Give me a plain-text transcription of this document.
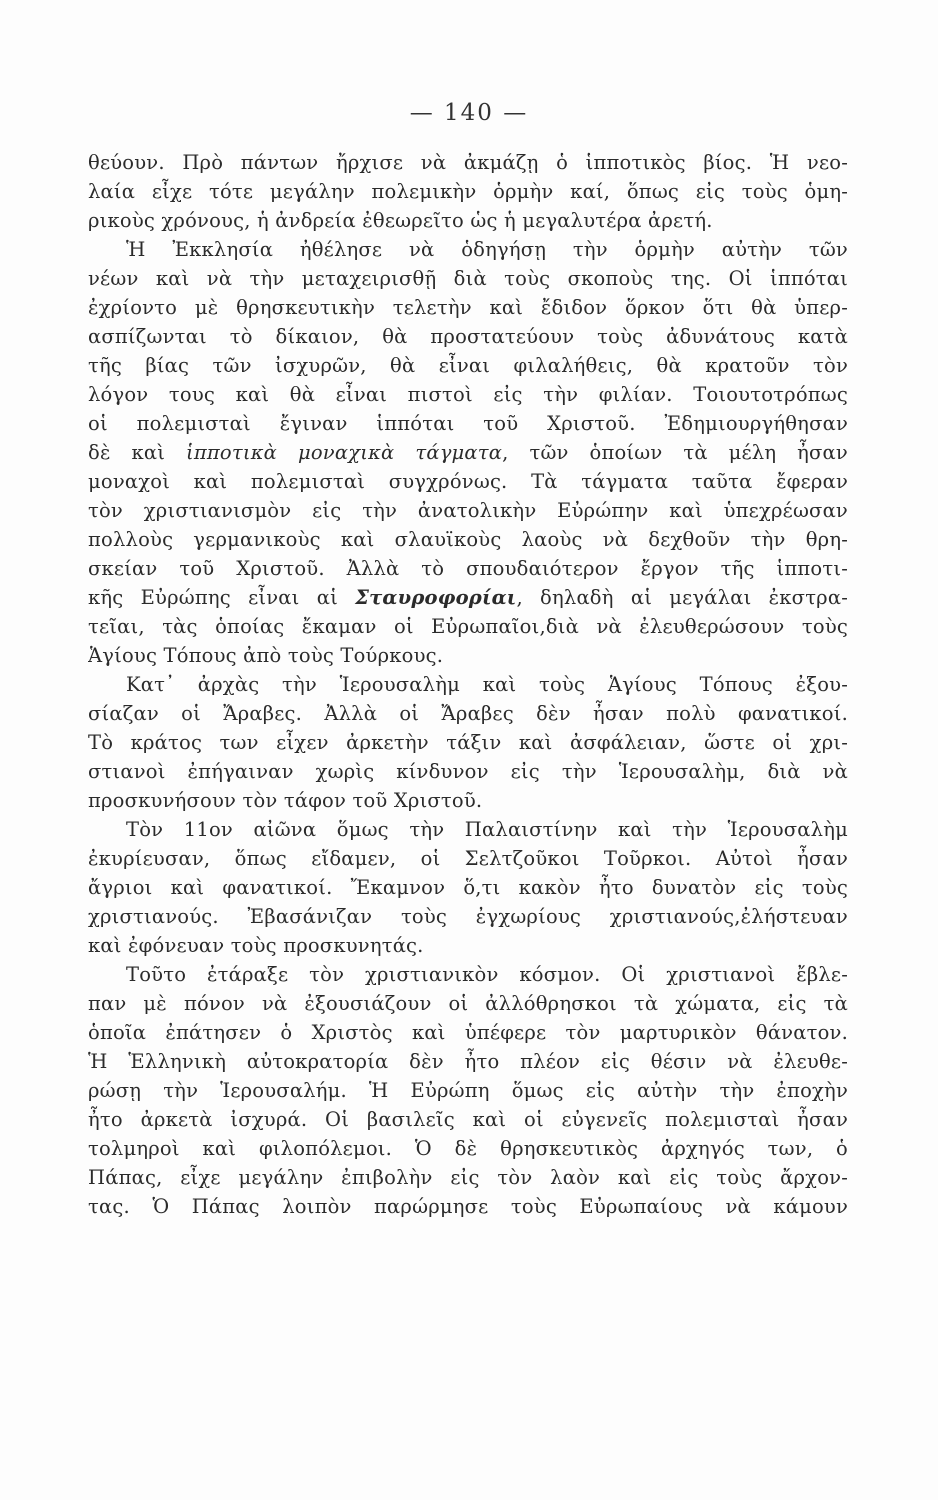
— 140 —
θεύουν. Πρὸ πάντων ἤρχισε νὰ ἀκμάζῃ ὁ ἱπποτικὸς βίος. Ἡ νεο-
λαία εἶχε τότε μεγάλην πολεμικὴν ὁρμὴν καί, ὅπως εἰς τοὺς ὁμη-
ρικοὺς χρόνους, ἡ ἀνδρεία ἐθεωρεῖτο ὡς ἡ μεγαλυτέρα ἀρετή.
Ἡ Ἐκκλησία ἠθέλησε νὰ ὁδηγήσῃ τὴν ὁρμὴν αὐτὴν τῶν
νέων καὶ νὰ τὴν μεταχειρισθῇ διὰ τοὺς σκοποὺς της. Οἱ ἱππόται
ἐχρίοντο μὲ θρησκευτικὴν τελετὴν καὶ ἔδιδον ὅρκον ὅτι θὰ ὑπερ-
ασπίζωνται τὸ δίκαιον, θὰ προστατεύουν τοὺς ἀδυνάτους κατὰ
τῆς βίας τῶν ἰσχυρῶν, θὰ εἶναι φιλαλήθεις, θὰ κρατοῦν τὸν
λόγον τους καὶ θὰ εἶναι πιστοὶ εἰς τὴν φιλίαν. Τοιουτοτρόπως
οἱ πολεμισταὶ ἔγιναν ἱππόται τοῦ Χριστοῦ. Ἐδημιουργήθησαν
δὲ καὶ ἱπποτικὰ μοναχικὰ τάγματα, τῶν ὁποίων τὰ μέλη ἦσαν
μοναχοὶ καὶ πολεμισταὶ συγχρόνως. Τὰ τάγματα ταῦτα ἔφεραν
τὸν χριστιανισμὸν εἰς τὴν ἀνατολικὴν Εὐρώπην καὶ ὑπεχρέωσαν
πολλοὺς γερμανικοὺς καὶ σλαυϊκοὺς λαοὺς νὰ δεχθοῦν τὴν θρη-
σκείαν τοῦ Χριστοῦ. Ἀλλὰ τὸ σπουδαιότερον ἔργον τῆς ἱπποτι-
κῆς Εὐρώπης εἶναι αἱ Σταυροφορίαι, δηλαδὴ αἱ μεγάλαι ἐκστρα-
τεῖαι, τὰς ὁποίας ἔκαμαν οἱ Εὐρωπαῖοι,διὰ νὰ ἐλευθερώσουν τοὺς
Ἁγίους Τόπους ἀπὸ τοὺς Τούρκους.
Κατ᾽ ἀρχὰς τὴν Ἱερουσαλὴμ καὶ τοὺς Ἁγίους Τόπους ἐξου-
σίαζαν οἱ Ἄραβες. Ἀλλὰ οἱ Ἄραβες δὲν ἦσαν πολὺ φανατικοί.
Τὸ κράτος των εἶχεν ἀρκετὴν τάξιν καὶ ἀσφάλειαν, ὥστε οἱ χρι-
στιανοὶ ἐπήγαιναν χωρὶς κίνδυνον εἰς τὴν Ἱερουσαλὴμ, διὰ νὰ
προσκυνήσουν τὸν τάφον τοῦ Χριστοῦ.
Τὸν 11ον αἰῶνα ὅμως τὴν Παλαιστίνην καὶ τὴν Ἱερουσαλὴμ
ἐκυρίευσαν, ὅπως εἴδαμεν, οἱ Σελτζοῦκοι Τοῦρκοι. Αὐτοὶ ἦσαν
ἄγριοι καὶ φανατικοί. Ἔκαμνον ὅ,τι κακὸν ἦτο δυνατὸν εἰς τοὺς
χριστιανούς. Ἐβασάνιζαν τοὺς ἐγχωρίους χριστιανούς,ἐλήστευαν
καὶ ἐφόνευαν τοὺς προσκυνητάς.
Τοῦτο ἐτάραξε τὸν χριστιανικὸν κόσμον. Οἱ χριστιανοὶ ἔβλε-
παν μὲ πόνον νὰ ἐξουσιάζουν οἱ ἀλλόθρησκοι τὰ χώματα, εἰς τὰ
ὁποῖα ἐπάτησεν ὁ Χριστὸς καὶ ὑπέφερε τὸν μαρτυρικὸν θάνατον.
Ἡ Ἑλληνικὴ αὐτοκρατορία δὲν ἦτο πλέον εἰς θέσιν νὰ ἐλευθε-
ρώσῃ τὴν Ἱερουσαλήμ. Ἡ Εὐρώπη ὅμως εἰς αὐτὴν τὴν ἐποχὴν
ἦτο ἀρκετὰ ἰσχυρά. Οἱ βασιλεῖς καὶ οἱ εὐγενεῖς πολεμισταὶ ἦσαν
τολμηροὶ καὶ φιλοπόλεμοι. Ὁ δὲ θρησκευτικὸς ἀρχηγός των, ὁ
Πάπας, εἶχε μεγάλην ἐπιβολὴν εἰς τὸν λαὸν καὶ εἰς τοὺς ἄρχον-
τας. Ὁ Πάπας λοιπὸν παρώρμησε τοὺς Εὐρωπαίους νὰ κάμουν
